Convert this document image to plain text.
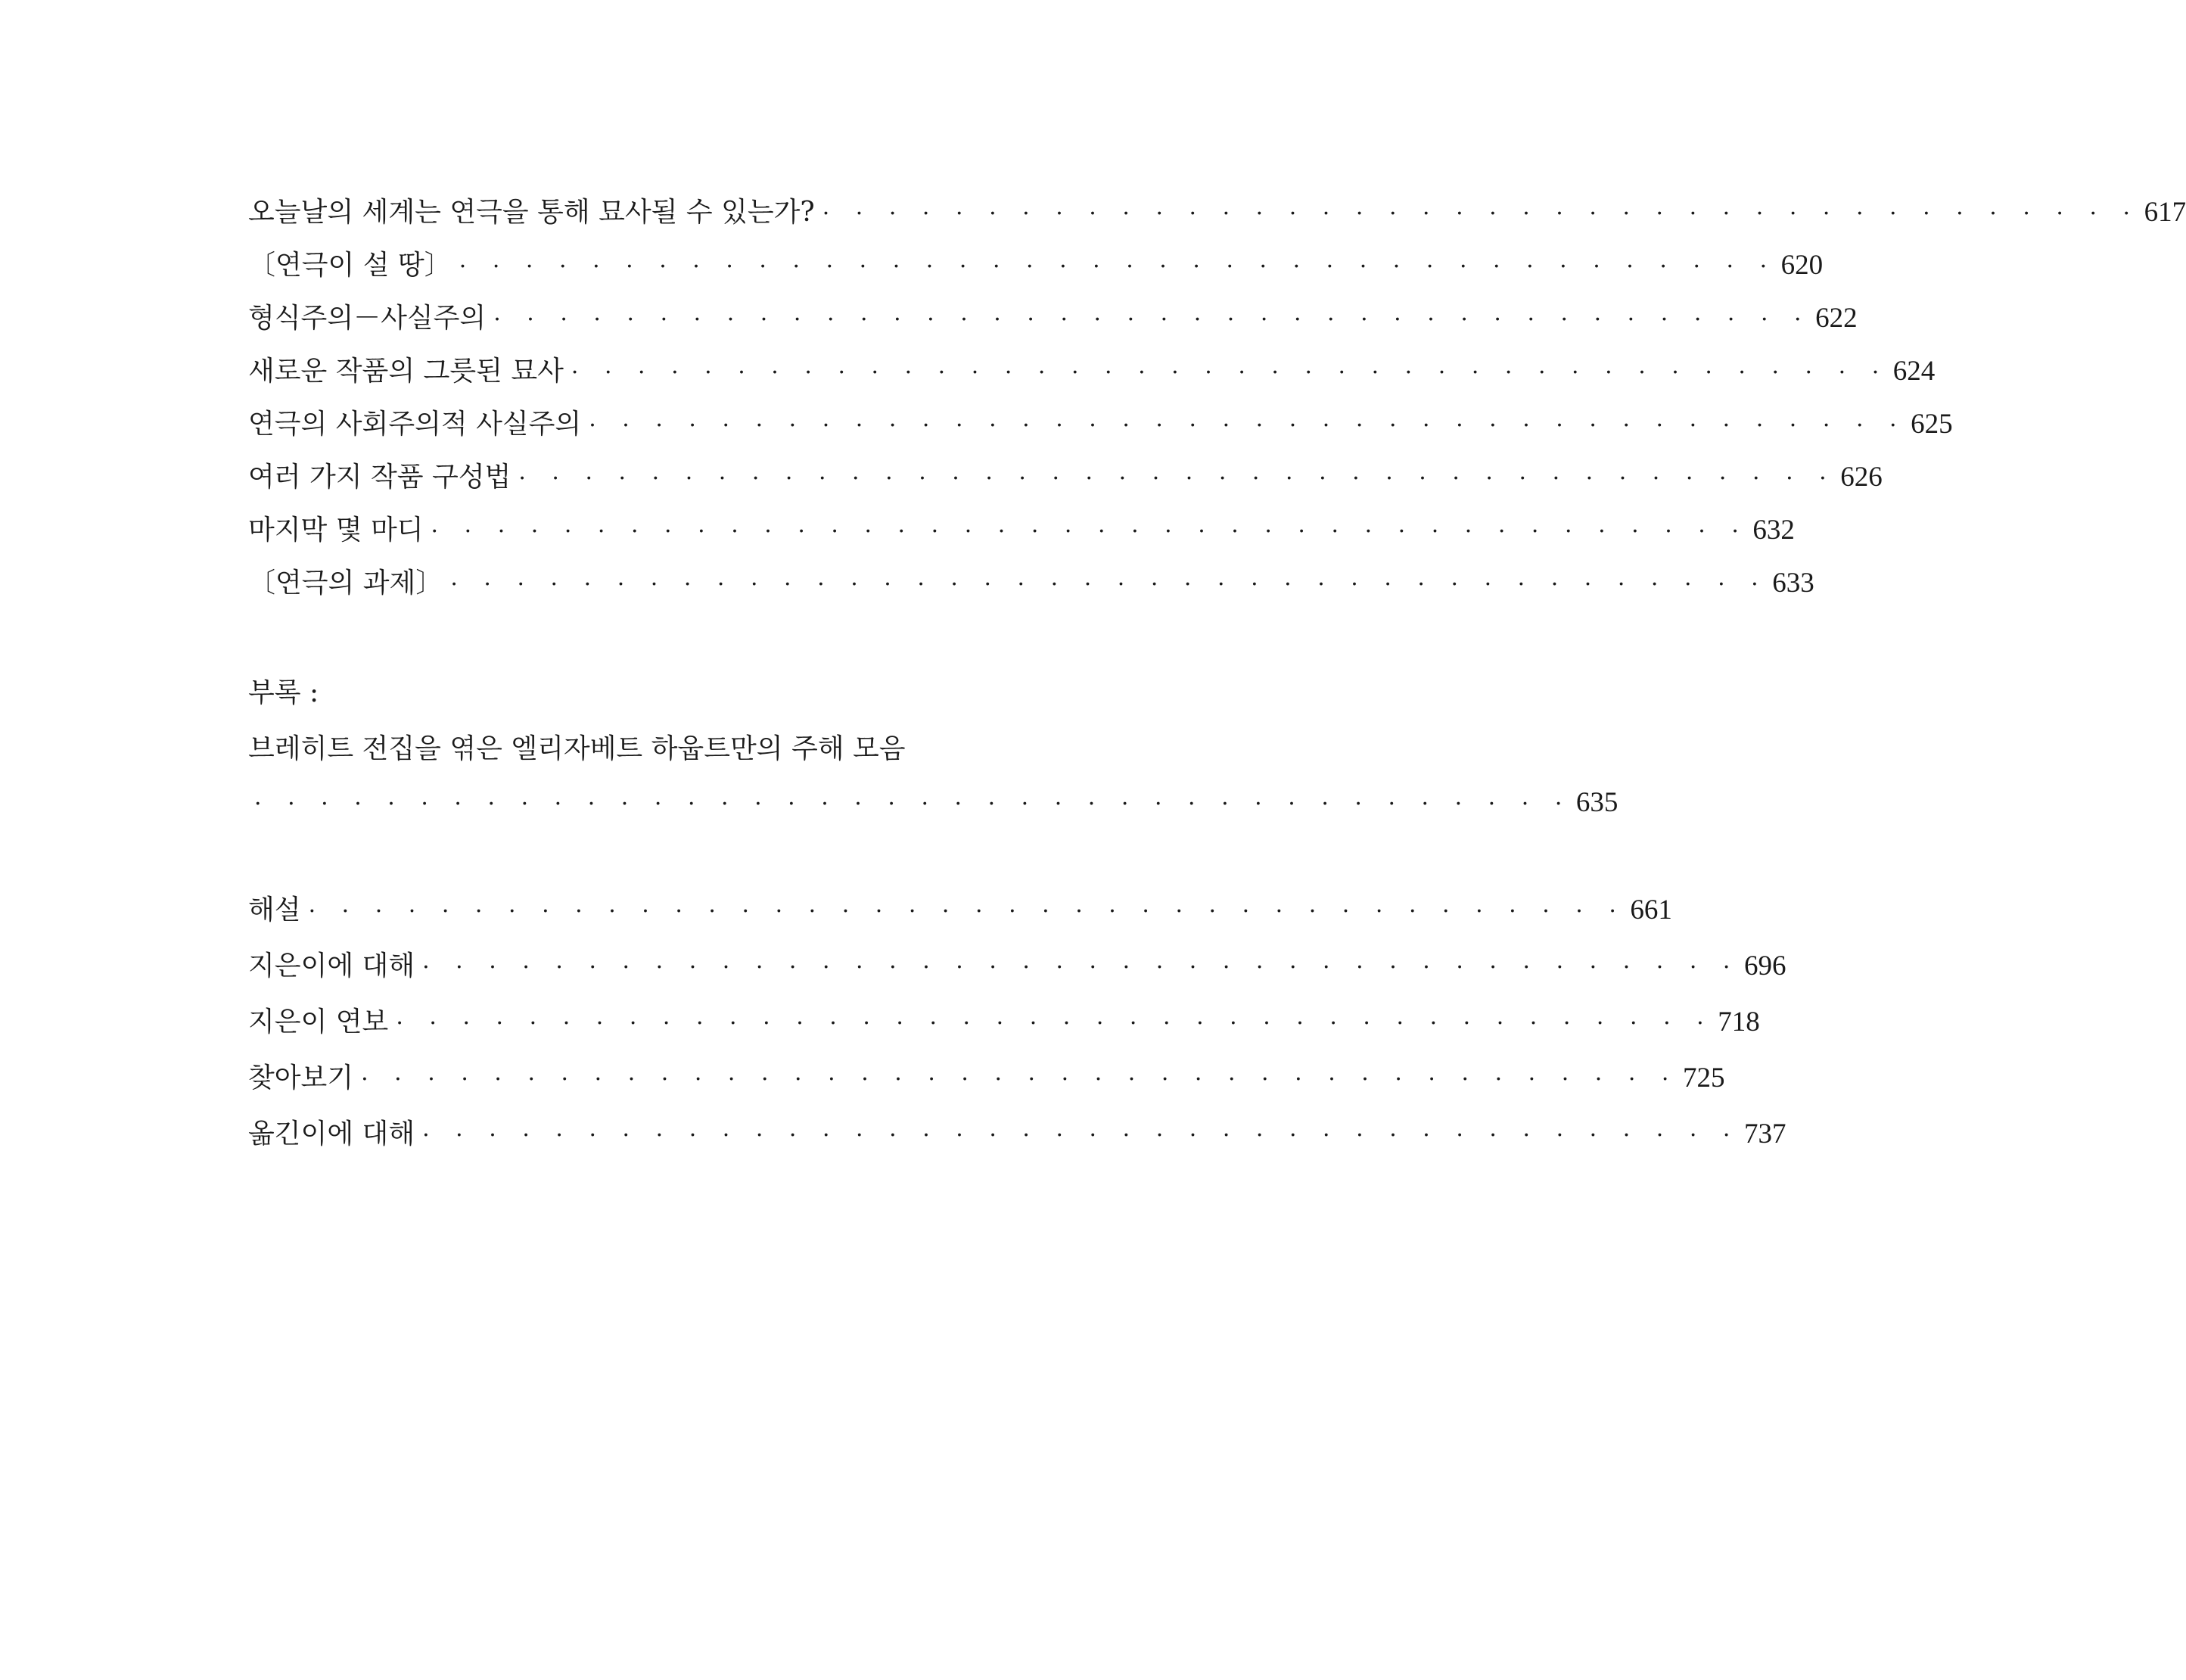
오늘날의 세계는 연극을 통해 묘사될 수 있는가? · · · · · · · · · · · · · · · · · · · · · · · · · · · · · · · · · · · · · · · · 617
〔연극이 설 땅〕 · · · · · · · · · · · · · · · · · · · · · · · · · · · · · · · · · · · · · · · · 620
형식주의－사실주의 · · · · · · · · · · · · · · · · · · · · · · · · · · · · · · · · · · · · · · · · 622
새로운 작품의 그릇된 묘사 · · · · · · · · · · · · · · · · · · · · · · · · · · · · · · · · · · · · · · · · 624
연극의 사회주의적 사실주의 · · · · · · · · · · · · · · · · · · · · · · · · · · · · · · · · · · · · · · · · 625
여러 가지 작품 구성법 · · · · · · · · · · · · · · · · · · · · · · · · · · · · · · · · · · · · · · · · 626
마지막 몇 마디 · · · · · · · · · · · · · · · · · · · · · · · · · · · · · · · · · · · · · · · · 632
〔연극의 과제〕 · · · · · · · · · · · · · · · · · · · · · · · · · · · · · · · · · · · · · · · · 633
부록 :
브레히트 전집을 엮은 엘리자베트 하웁트만의 주해 모음
· · · · · · · · · · · · · · · · · · · · · · · · · · · · · · · · · · · · · · · · 635
해설 · · · · · · · · · · · · · · · · · · · · · · · · · · · · · · · · · · · · · · · · 661
지은이에 대해 · · · · · · · · · · · · · · · · · · · · · · · · · · · · · · · · · · · · · · · · 696
지은이 연보 · · · · · · · · · · · · · · · · · · · · · · · · · · · · · · · · · · · · · · · · 718
찾아보기 · · · · · · · · · · · · · · · · · · · · · · · · · · · · · · · · · · · · · · · · 725
옮긴이에 대해 · · · · · · · · · · · · · · · · · · · · · · · · · · · · · · · · · · · · · · · · 737
